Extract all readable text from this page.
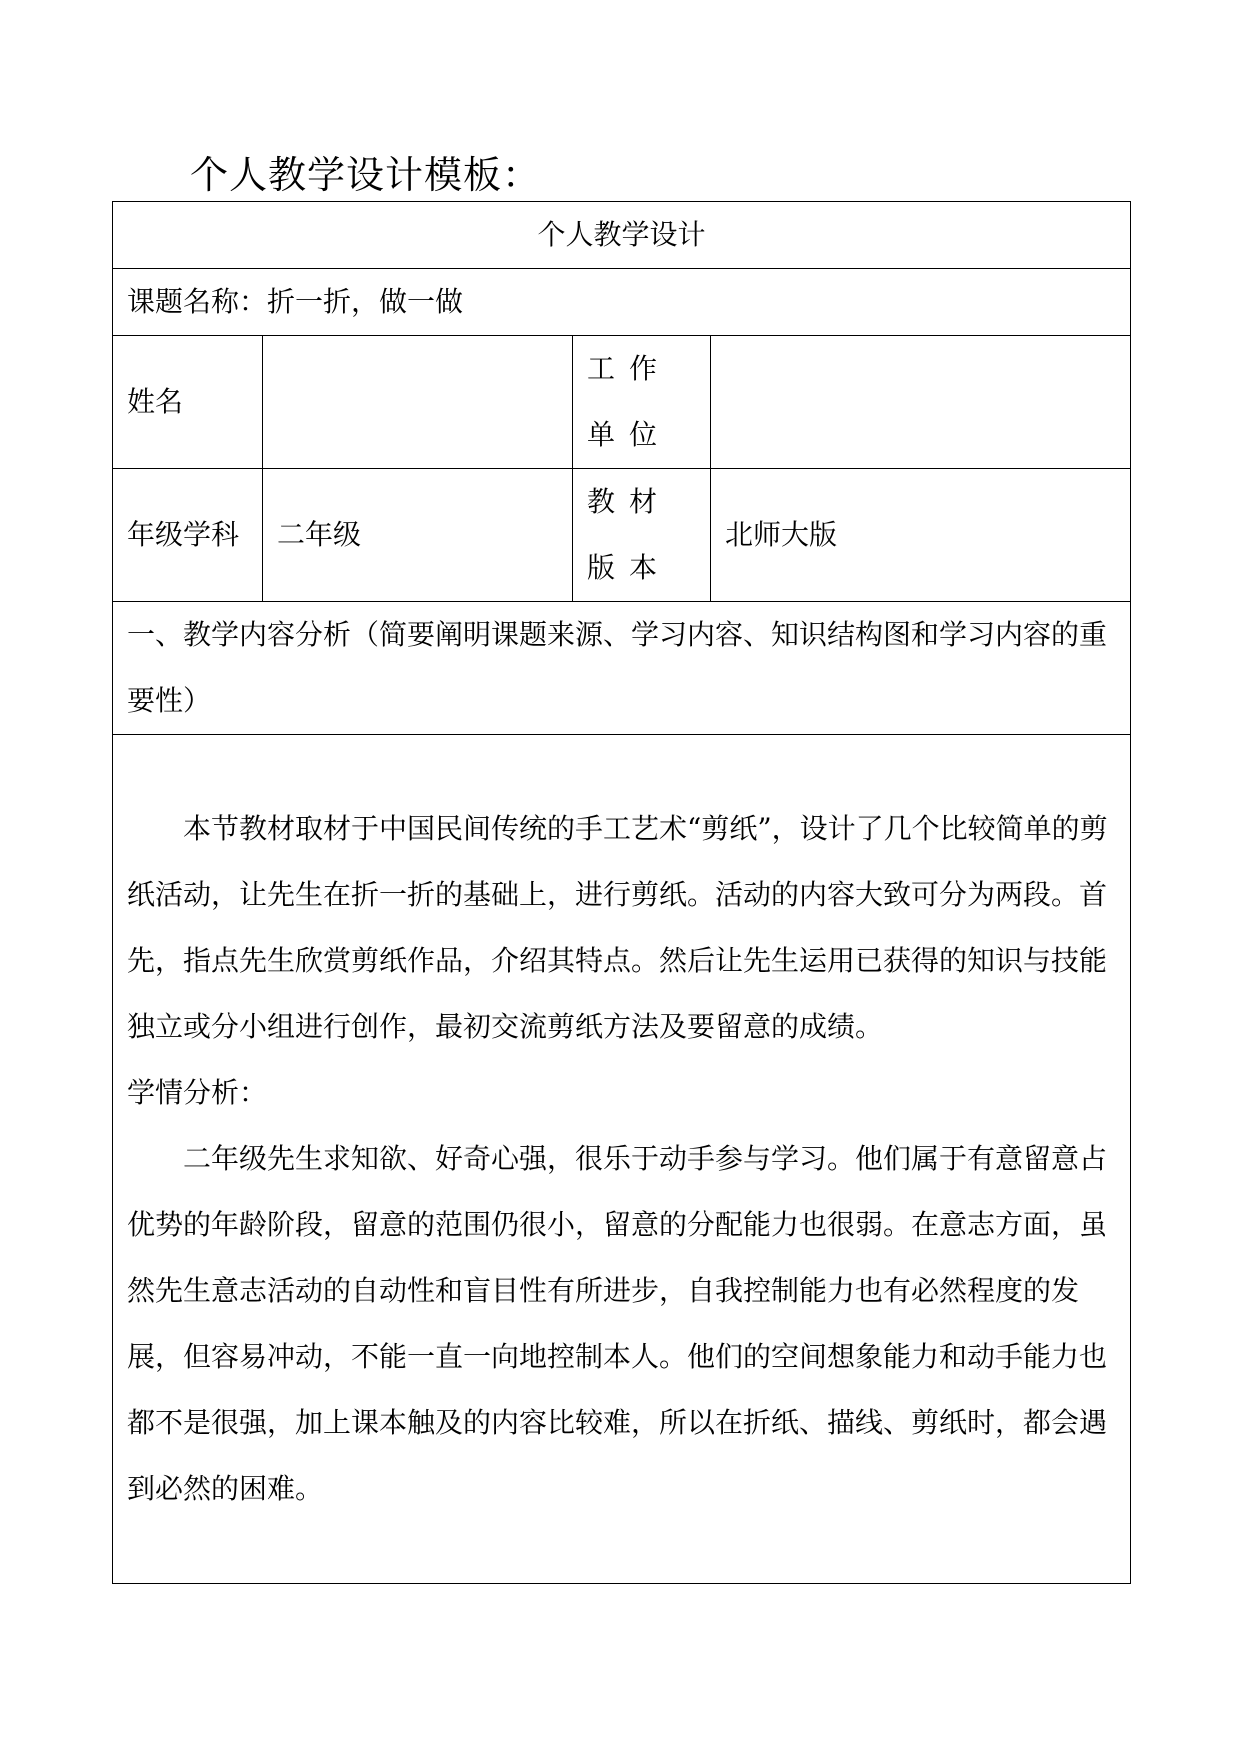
个人教学设计模板：
个人教学设计			
课题名称：折一折，做一做			
姓名		工作单位	
年级学科	二年级	教材版本	北师大版
一、教学内容分析（简要阐明课题来源、学习内容、知识结构图和学习内容的重要性）			

本节教材取材于中国民间传统的手工艺术“剪纸”，设计了几个比较简单的剪纸活动，让先生在折一折的基础上，进行剪纸。活动的内容大致可分为两段。首先，指点先生欣赏剪纸作品，介绍其特点。然后让先生运用已获得的知识与技能独立或分小组进行创作，最初交流剪纸方法及要留意的成绩。

学情分析：

二年级先生求知欲、好奇心强，很乐于动手参与学习。他们属于有意留意占优势的年龄阶段，留意的范围仍很小，留意的分配能力也很弱。在意志方面，虽然先生意志活动的自动性和盲目性有所进步，自我控制能力也有必然程度的发展，但容易冲动，不能一直一向地控制本人。他们的空间想象能力和动手能力也都不是很强，加上课本触及的内容比较难，所以在折纸、描线、剪纸时，都会遇到必然的困难。			
